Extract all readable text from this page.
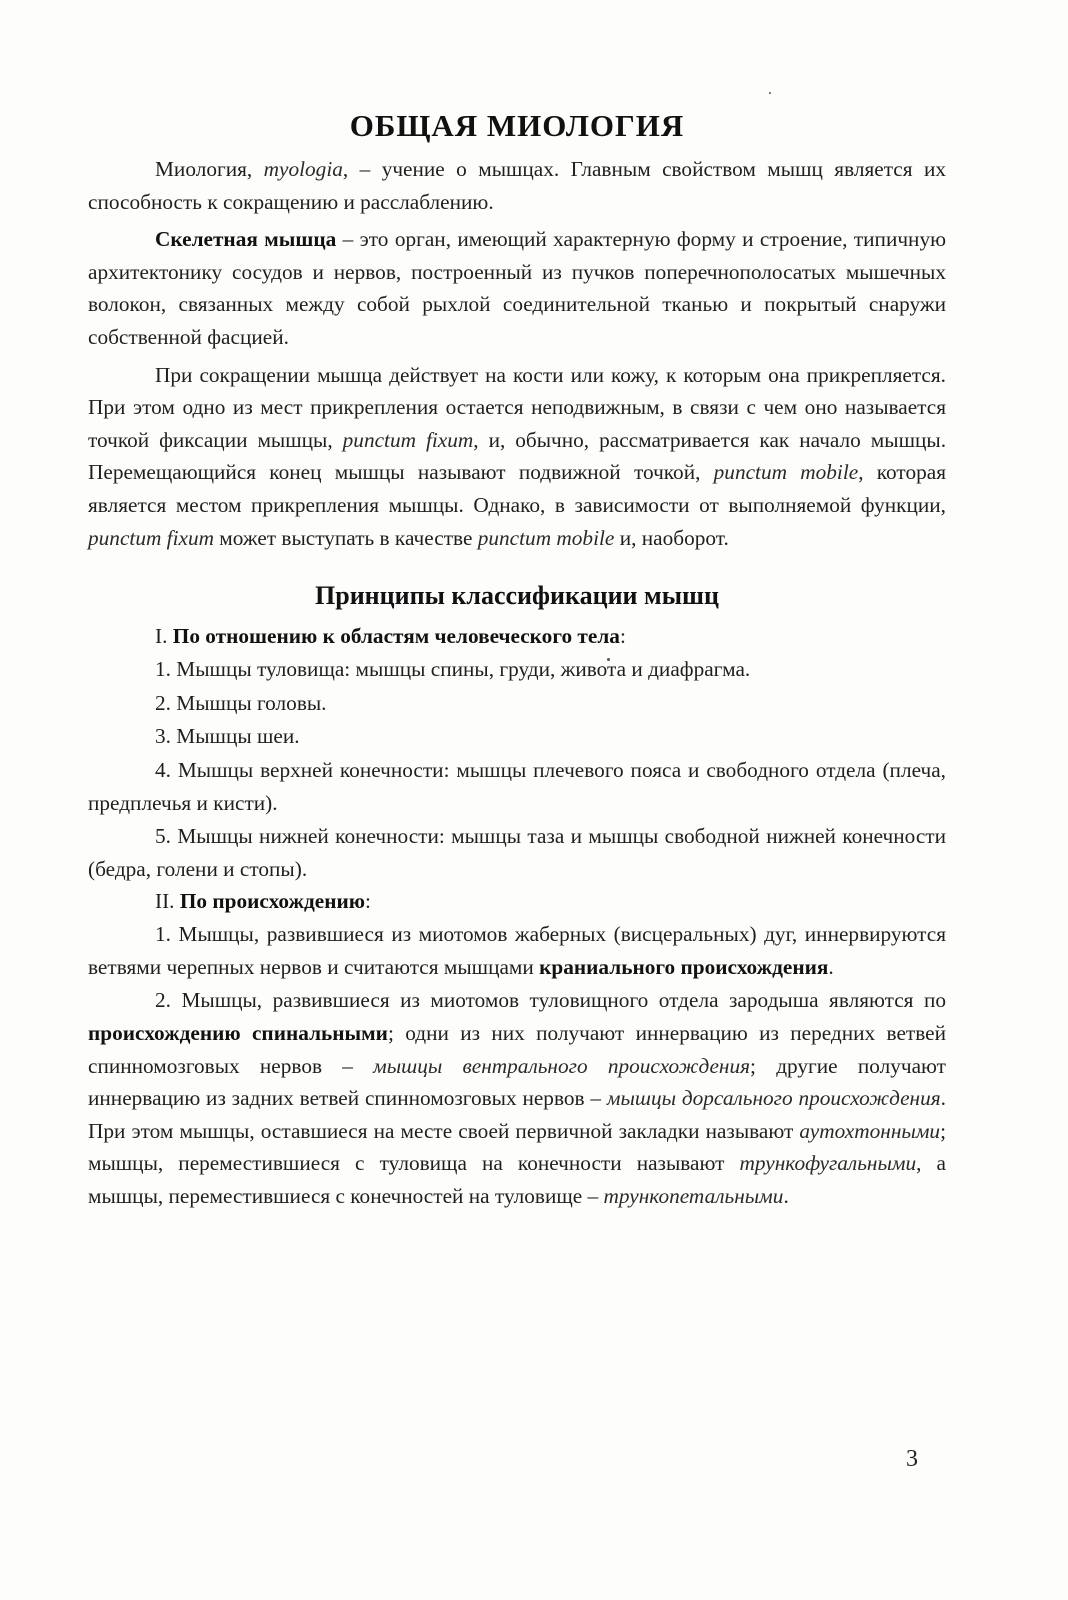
ОБЩАЯ МИОЛОГИЯ

Миология, myologia, – учение о мышцах. Главным свойством мышц является их способность к сокращению и расслаблению.

Скелетная мышца – это орган, имеющий характерную форму и строение, типичную архитектонику сосудов и нервов, построенный из пучков поперечнополосатых мышечных волокон, связанных между собой рыхлой соединительной тканью и покрытый снаружи собственной фасцией.

При сокращении мышца действует на кости или кожу, к которым она прикрепляется. При этом одно из мест прикрепления остается неподвижным, в связи с чем оно называется точкой фиксации мышцы, punctum fixum, и, обычно, рассматривается как начало мышцы. Перемещающийся конец мышцы называют подвижной точкой, punctum mobile, которая является местом прикрепления мышцы. Однако, в зависимости от выполняемой функции, punctum fixum может выступать в качестве punctum mobile и, наоборот.

Принципы классификации мышц

I. По отношению к областям человеческого тела:

1. Мышцы туловища: мышцы спины, груди, живота и диафрагма.

2. Мышцы головы.

3. Мышцы шеи.

4. Мышцы верхней конечности: мышцы плечевого пояса и свободного отдела (плеча, предплечья и кисти).

5. Мышцы нижней конечности: мышцы таза и мышцы свободной нижней конечности (бедра, голени и стопы).

II. По происхождению:

1. Мышцы, развившиеся из миотомов жаберных (висцеральных) дуг, иннервируются ветвями черепных нервов и считаются мышцами краниального происхождения.

2. Мышцы, развившиеся из миотомов туловищного отдела зародыша являются по происхождению спинальными; одни из них получают иннервацию из передних ветвей спинномозговых нервов – мышцы вентрального происхождения; другие получают иннервацию из задних ветвей спинномозговых нервов – мышцы дорсального происхождения. При этом мышцы, оставшиеся на месте своей первичной закладки называют аутохтонными; мышцы, переместившиеся с туловища на конечности называют трункофугальными, а мышцы, переместившиеся с конечностей на туловище – трункопетальными.

3
